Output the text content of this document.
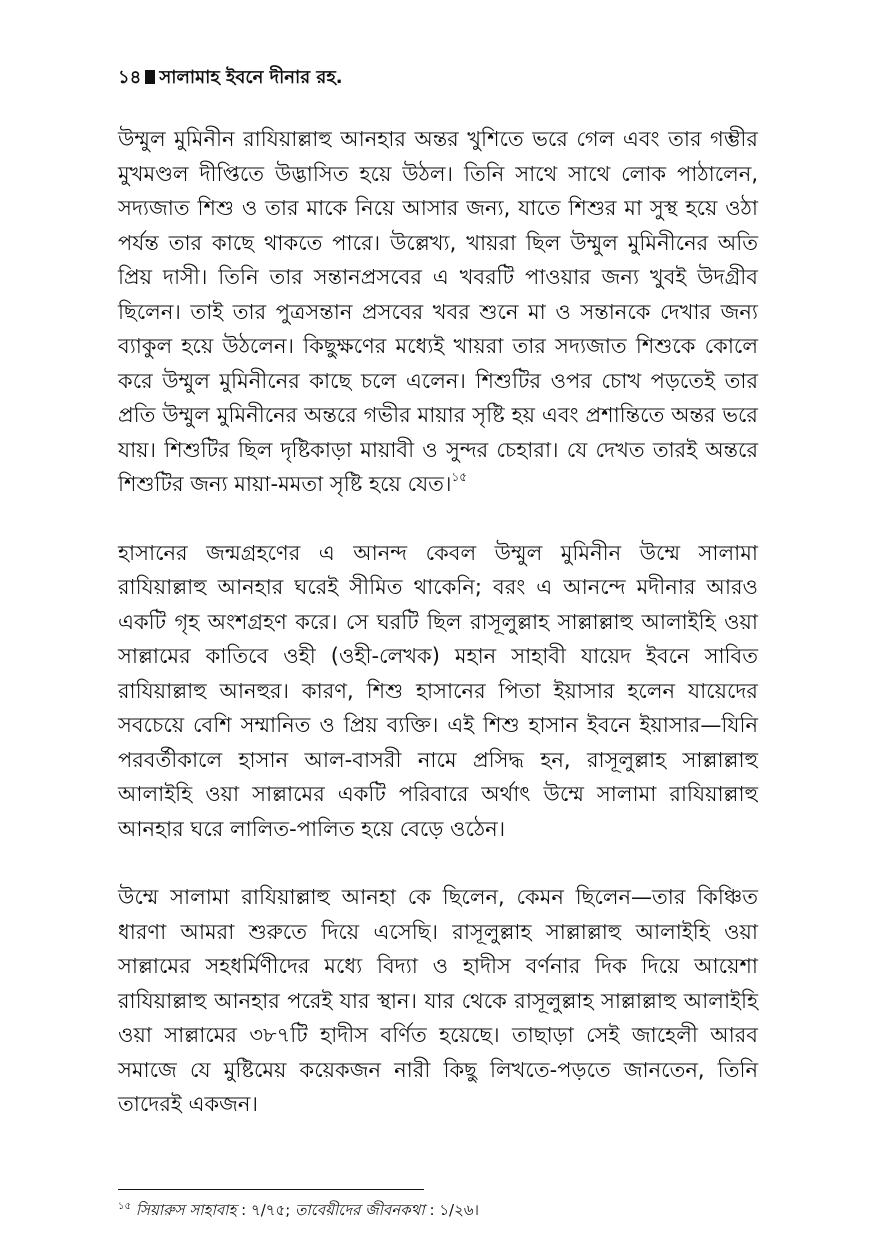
১৪ সালামাহ ইবনে দীনার রহ.

উম্মুল মুমিনীন রাযিয়াল্লাহু আনহার অন্তর খুশিতে ভরে গেল এবং তার গম্ভীর মুখমণ্ডল দীপ্তিতে উদ্ভাসিত হয়ে উঠল। তিনি সাথে সাথে লোক পাঠালেন, সদ্যজাত শিশু ও তার মাকে নিয়ে আসার জন্য, যাতে শিশুর মা সুস্থ হয়ে ওঠা পর্যন্ত তার কাছে থাকতে পারে। উল্লেখ্য, খায়রা ছিল উম্মুল মুমিনীনের অতি প্রিয় দাসী। তিনি তার সন্তানপ্রসবের এ খবরটি পাওয়ার জন্য খুবই উদগ্রীব ছিলেন। তাই তার পুত্রসন্তান প্রসবের খবর শুনে মা ও সন্তানকে দেখার জন্য ব্যাকুল হয়ে উঠলেন। কিছুক্ষণের মধ্যেই খায়রা তার সদ্যজাত শিশুকে কোলে করে উম্মুল মুমিনীনের কাছে চলে এলেন। শিশুটির ওপর চোখ পড়তেই তার প্রতি উম্মুল মুমিনীনের অন্তরে গভীর মায়ার সৃষ্টি হয় এবং প্রশান্তিতে অন্তর ভরে যায়। শিশুটির ছিল দৃষ্টিকাড়া মায়াবী ও সুন্দর চেহারা। যে দেখত তারই অন্তরে শিশুটির জন্য মায়া-মমতা সৃষ্টি হয়ে যেত।$^{১৫}$

হাসানের জন্মগ্রহণের এ আনন্দ কেবল উম্মুল মুমিনীন উম্মে সালামা রাযিয়াল্লাহু আনহার ঘরেই সীমিত থাকেনি; বরং এ আনন্দে মদীনার আরও একটি গৃহ অংশগ্রহণ করে। সে ঘরটি ছিল রাসূলুল্লাহ সাল্লাল্লাহু আলাইহি ওয়া সাল্লামের কাতিবে ওহী (ওহী-লেখক) মহান সাহাবী যায়েদ ইবনে সাবিত রাযিয়াল্লাহু আনহুর। কারণ, শিশু হাসানের পিতা ইয়াসার হলেন যায়েদের সবচেয়ে বেশি সম্মানিত ও প্রিয় ব্যক্তি। এই শিশু হাসান ইবনে ইয়াসার—যিনি পরবর্তীকালে হাসান আল-বাসরী নামে প্রসিদ্ধ হন, রাসূলুল্লাহ সাল্লাল্লাহু আলাইহি ওয়া সাল্লামের একটি পরিবারে অর্থাৎ উম্মে সালামা রাযিয়াল্লাহু আনহার ঘরে লালিত-পালিত হয়ে বেড়ে ওঠেন।

উম্মে সালামা রাযিয়াল্লাহু আনহা কে ছিলেন, কেমন ছিলেন—তার কিঞ্চিত ধারণা আমরা শুরুতে দিয়ে এসেছি। রাসূলুল্লাহ সাল্লাল্লাহু আলাইহি ওয়া সাল্লামের সহধর্মিণীদের মধ্যে বিদ্যা ও হাদীস বর্ণনার দিক দিয়ে আয়েশা রাযিয়াল্লাহু আনহার পরেই যার স্থান। যার থেকে রাসূলুল্লাহ সাল্লাল্লাহু আলাইহি ওয়া সাল্লামের ৩৮৭টি হাদীস বর্ণিত হয়েছে। তাছাড়া সেই জাহেলী আরব সমাজে যে মুষ্টিমেয় কয়েকজন নারী কিছু লিখতে-পড়তে জানতেন, তিনি তাদেরই একজন।

$^{১৫}$ সিয়ারুস সাহাবাহ : ৭/৭৫; তাবেয়ীদের জীবনকথা : ১/২৬।
